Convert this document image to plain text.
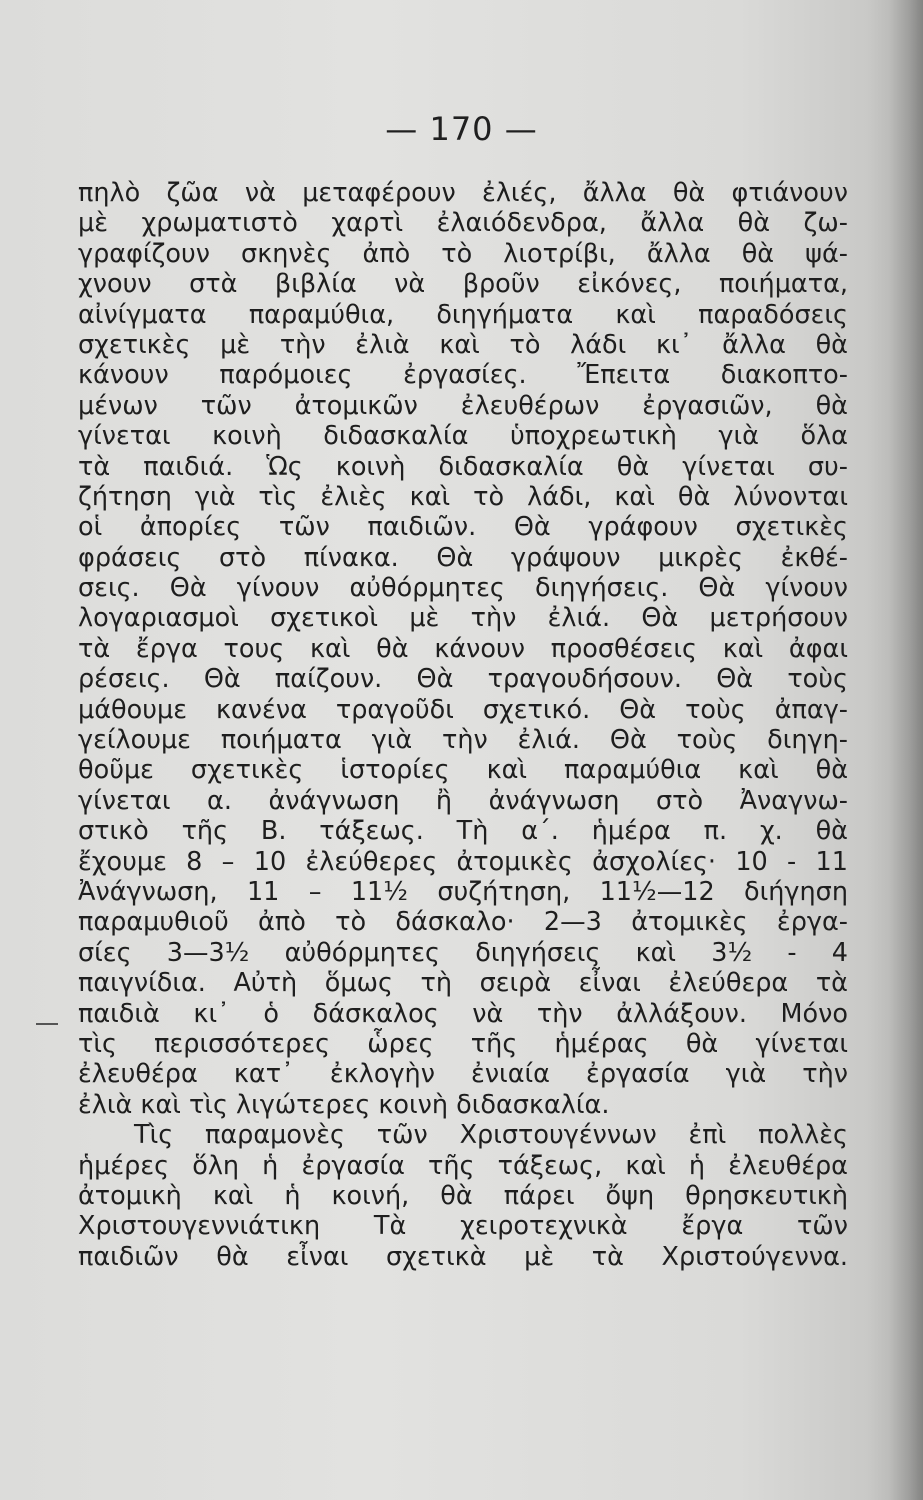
— 170 —
πηλὸ ζῶα νὰ μεταφέρουν ἐλιές, ἄλλα θὰ φτιάνουν
μὲ χρωματιστὸ χαρτὶ ἐλαιόδενδρα, ἄλλα θὰ ζω-
γραφίζουν σκηνὲς ἀπὸ τὸ λιοτρίβι, ἄλλα θὰ ψά-
χνουν στὰ βιβλία νὰ βροῦν εἰκόνες, ποιήματα,
αἰνίγματα παραμύθια, διηγήματα καὶ παραδόσεις
σχετικὲς μὲ τὴν ἐλιὰ καὶ τὸ λάδι κι᾽ ἄλλα θὰ
κάνουν παρόμοιες ἐργασίες. Ἔπειτα διακοπτο-
μένων τῶν ἀτομικῶν ἐλευθέρων ἐργασιῶν, θὰ
γίνεται κοινὴ διδασκαλία ὑποχρεωτικὴ γιὰ ὅλα
τὰ παιδιά. Ὡς κοινὴ διδασκαλία θὰ γίνεται συ-
ζήτηση γιὰ τὶς ἐλιὲς καὶ τὸ λάδι, καὶ θὰ λύνονται
οἱ ἀπορίες τῶν παιδιῶν. Θὰ γράφουν σχετικὲς
φράσεις στὸ πίνακα. Θὰ γράψουν μικρὲς ἐκθέ-
σεις. Θὰ γίνουν αὐθόρμητες διηγήσεις. Θὰ γίνουν
λογαριασμοὶ σχετικοὶ μὲ τὴν ἐλιά. Θὰ μετρήσουν
τὰ ἔργα τους καὶ θὰ κάνουν προσθέσεις καὶ ἀφαι
ρέσεις. Θὰ παίζουν. Θὰ τραγουδήσουν. Θὰ τοὺς
μάθουμε κανένα τραγοῦδι σχετικό. Θὰ τοὺς ἀπαγ-
γείλουμε ποιήματα γιὰ τὴν ἐλιά. Θὰ τοὺς διηγη-
θοῦμε σχετικὲς ἱστορίες καὶ παραμύθια καὶ θὰ
γίνεται α. ἀνάγνωση ἢ ἀνάγνωση στὸ Ἀναγνω-
στικὸ τῆς Β. τάξεως. Τὴ α΄. ἡμέρα π. χ. θὰ
ἔχουμε 8 – 10 ἐλεύθερες ἀτομικὲς ἀσχολίες· 10 - 11
Ἀνάγνωση, 11 – 11½ συζήτηση, 11½—12 διήγηση
παραμυθιοῦ ἀπὸ τὸ δάσκαλο· 2—3 ἀτομικὲς ἐργα-
σίες 3—3½ αὐθόρμητες διηγήσεις καὶ 3½ - 4
παιγνίδια. Αὐτὴ ὅμως τὴ σειρὰ εἶναι ἐλεύθερα τὰ
παιδιὰ κι᾽ ὁ δάσκαλος νὰ τὴν ἀλλάξουν. Μόνο
τὶς περισσότερες ὧρες τῆς ἡμέρας θὰ γίνεται
ἐλευθέρα κατ᾽ ἐκλογὴν ἐνιαία ἐργασία γιὰ τὴν
ἐλιὰ καὶ τὶς λιγώτερες κοινὴ διδασκαλία.
Τὶς παραμονὲς τῶν Χριστουγέννων ἐπὶ πολλὲς
ἡμέρες ὅλη ἡ ἐργασία τῆς τάξεως, καὶ ἡ ἐλευθέρα
ἀτομικὴ καὶ ἡ κοινή, θὰ πάρει ὄψη θρησκευτικὴ
Χριστουγεννιάτικη Τὰ χειροτεχνικὰ ἔργα τῶν
παιδιῶν θὰ εἶναι σχετικὰ μὲ τὰ Χριστούγεννα.
